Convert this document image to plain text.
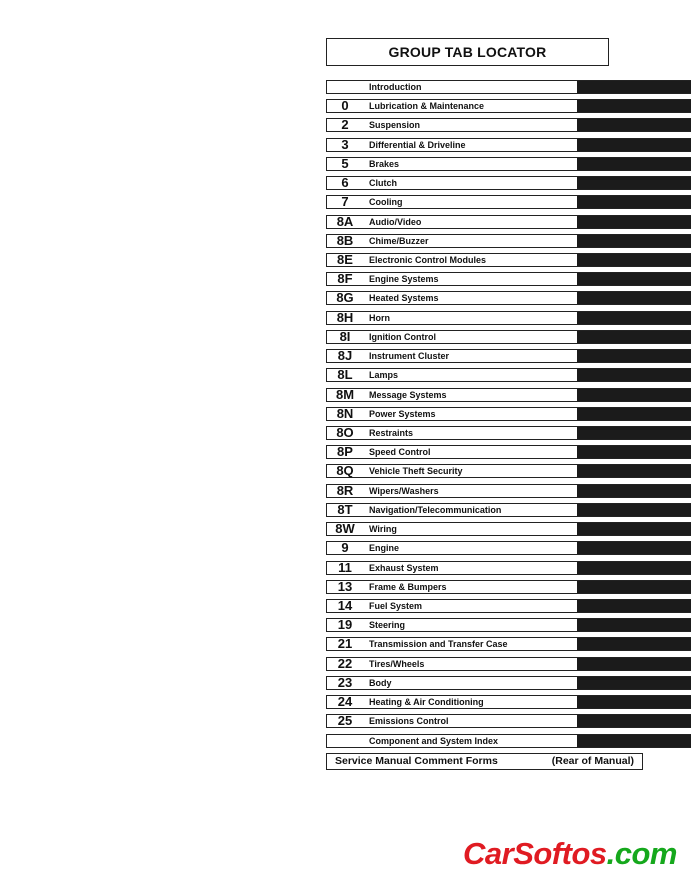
GROUP TAB LOCATOR
Introduction
0	Lubrication & Maintenance
2	Suspension
3	Differential & Driveline
5	Brakes
6	Clutch
7	Cooling
8A	Audio/Video
8B	Chime/Buzzer
8E	Electronic Control Modules
8F	Engine Systems
8G	Heated Systems
8H	Horn
8I	Ignition Control
8J	Instrument Cluster
8L	Lamps
8M	Message Systems
8N	Power Systems
8O	Restraints
8P	Speed Control
8Q	Vehicle Theft Security
8R	Wipers/Washers
8T	Navigation/Telecommunication
8W	Wiring
9	Engine
11	Exhaust System
13	Frame & Bumpers
14	Fuel System
19	Steering
21	Transmission and Transfer Case
22	Tires/Wheels
23	Body
24	Heating & Air Conditioning
25	Emissions Control
Component and System Index
Service Manual Comment Forms	(Rear of Manual)
CarSoftos.com
